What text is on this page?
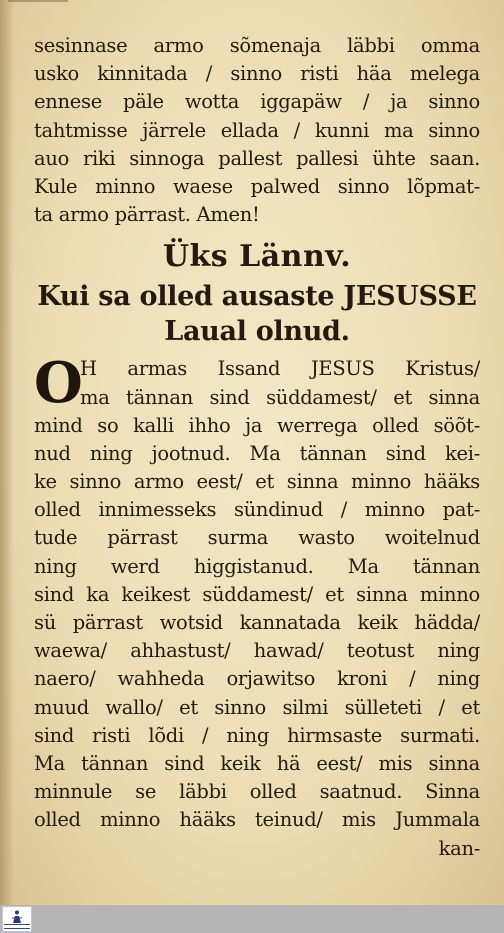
sesinnase armo sõmenaja läbbi omma
usko kinnitada / sinno risti häa melega
ennese päle wotta iggapäw / ja sinno
tahtmisse järrele ellada / kunni ma sinno
auo riki sinnoga pallest pallesi ühte saan.
Kule minno waese palwed sinno lõpmat-
ta armo pärrast. Amen!
Üks Lännv.
Kui sa olled ausaste JESUSSE
Laual olnud.
O
H armas Issand JESUS Kristus/
ma tännan sind süddamest/ et sinna
mind so kalli ihho ja werrega olled söõt-
nud ning jootnud. Ma tännan sind kei-
ke sinno armo eest/ et sinna minno hääks
olled innimesseks sündinud / minno pat-
tude pärrast surma wasto woitelnud
ning werd higgistanud. Ma tännan
sind ka keikest süddamest/ et sinna minno
sü pärrast wotsid kannatada keik hädda/
waewa/ ahhastust/ hawad/ teotust ning
naero/ wahheda orjawitso kroni / ning
muud wallo/ et sinno silmi sülleteti / et
sind risti lõdi / ning hirmsaste surmati.
Ma tännan sind keik hä eest/ mis sinna
minnule se läbbi olled saatnud. Sinna
olled minno hääks teinud/ mis Jummala
kan-
